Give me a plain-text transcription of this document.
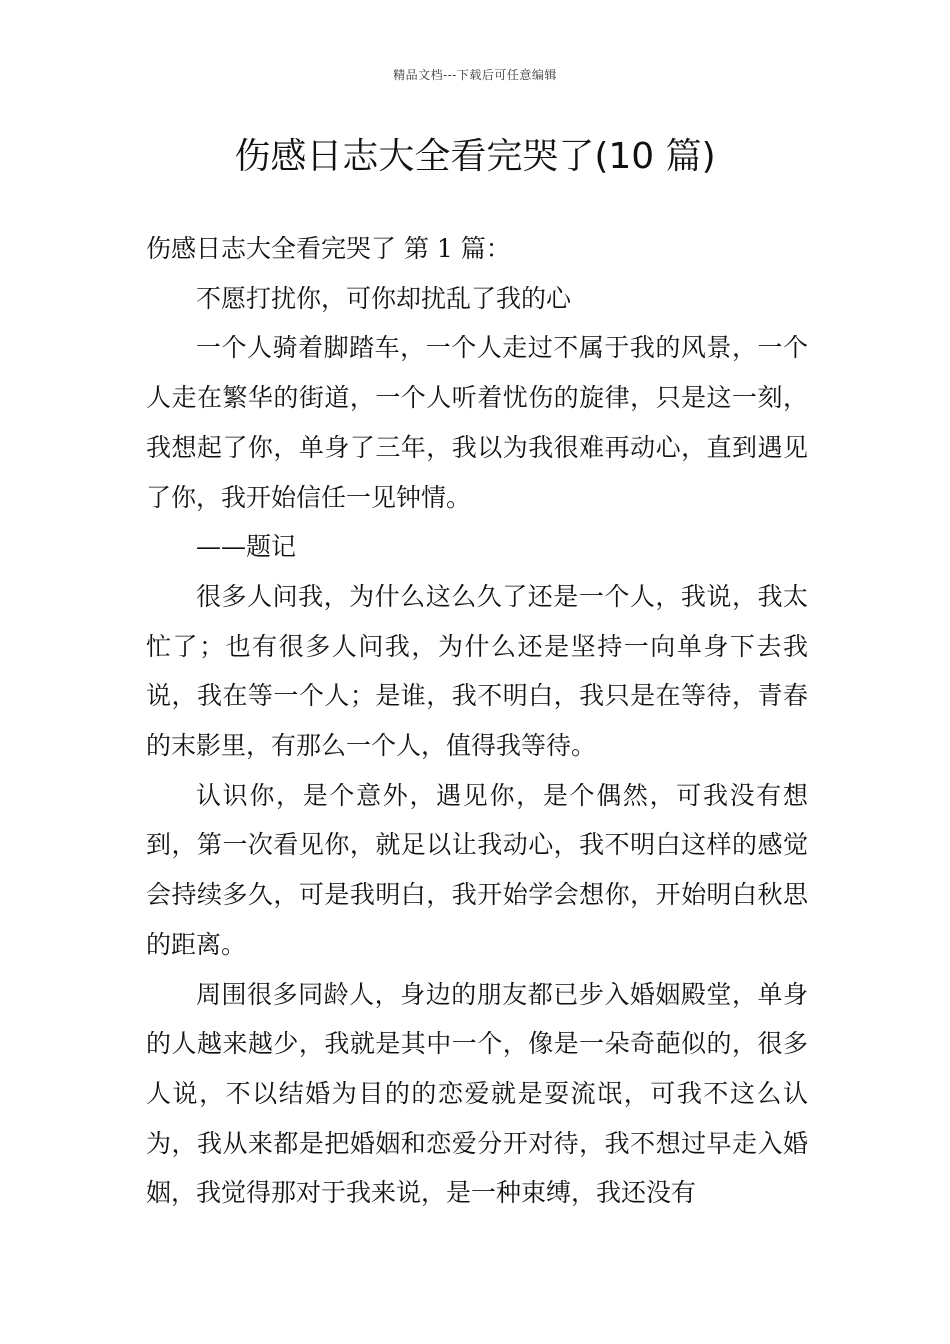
精品文档---下载后可任意编辑
伤感日志大全看完哭了(10 篇)

伤感日志大全看完哭了 第 1 篇：

不愿打扰你，可你却扰乱了我的心

一个人骑着脚踏车，一个人走过不属于我的风景，一个人走在繁华的街道，一个人听着忧伤的旋律，只是这一刻，我想起了你，单身了三年，我以为我很难再动心，直到遇见了你，我开始信任一见钟情。

——题记

很多人问我，为什么这么久了还是一个人，我说，我太忙了；也有很多人问我，为什么还是坚持一向单身下去我说，我在等一个人；是谁，我不明白，我只是在等待，青春的末影里，有那么一个人，值得我等待。

认识你，是个意外，遇见你，是个偶然，可我没有想到，第一次看见你，就足以让我动心，我不明白这样的感觉会持续多久，可是我明白，我开始学会想你，开始明白秋思的距离。

周围很多同龄人，身边的朋友都已步入婚姻殿堂，单身的人越来越少，我就是其中一个，像是一朵奇葩似的，很多人说，不以结婚为目的的恋爱就是耍流氓，可我不这么认为，我从来都是把婚姻和恋爱分开对待，我不想过早走入婚姻，我觉得那对于我来说，是一种束缚，我还没有
